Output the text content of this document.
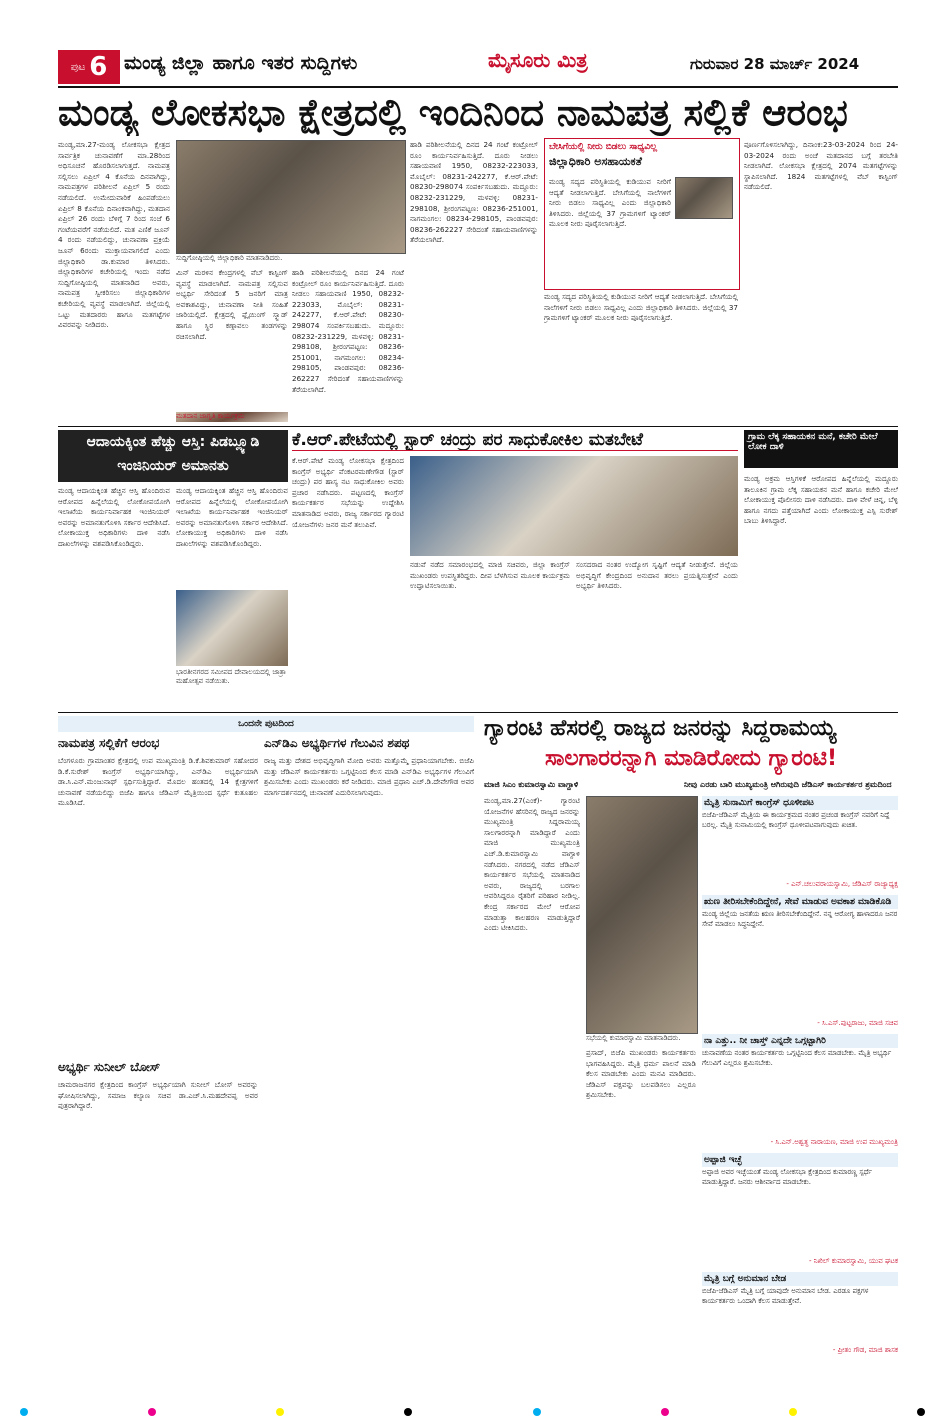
ಪುಟ 6 ಮಂಡ್ಯ ಜಿಲ್ಲಾ ಹಾಗೂ ಇತರ ಸುದ್ದಿಗಳು	ಮೈಸೂರು ಮಿತ್ರ	ಗುರುವಾರ 28 ಮಾರ್ಚ್ 2024
ಮಂಡ್ಯ ಲೋಕಸಭಾ ಕ್ಷೇತ್ರದಲ್ಲಿ ಇಂದಿನಿಂದ ನಾಮಪತ್ರ ಸಲ್ಲಿಕೆ ಆರಂಭ
ಮಂಡ್ಯ,ಮಾ.27-ಮಂಡ್ಯ ಲೋಕಸಭಾ ಕ್ಷೇತ್ರದ ಸಾರ್ವತ್ರಿಕ ಚುನಾವಣೆಗೆ ಮಾ.28ರಿಂದ ಅಧಿಸೂಚನೆ ಹೊರಡಿಸಲಾಗುತ್ತದೆ. ನಾಮಪತ್ರ ಸಲ್ಲಿಸಲು ಏಪ್ರಿಲ್ 4 ಕೊನೆಯ ದಿನವಾಗಿದ್ದು, ನಾಮಪತ್ರಗಳ ಪರಿಶೀಲನೆ ಏಪ್ರಿಲ್ 5 ರಂದು ನಡೆಯಲಿದೆ. ಉಮೇದುವಾರಿಕೆ ಹಿಂಪಡೆಯಲು ಏಪ್ರಿಲ್ 8 ಕೊನೆಯ ದಿನಾಂಕವಾಗಿದ್ದು, ಮತದಾನ ಏಪ್ರಿಲ್ 26 ರಂದು ಬೆಳಿಗ್ಗೆ 7 ರಿಂದ ಸಂಜೆ 6 ಗಂಟೆಯವರೆಗೆ ನಡೆಯಲಿದೆ. ಮತ ಎಣಿಕೆ ಜೂನ್ 4 ರಂದು ನಡೆಯಲಿದ್ದು, ಚುನಾವಣಾ ಪ್ರಕ್ರಿಯೆ ಜೂನ್ 6ರಂದು ಮುಕ್ತಾಯವಾಗಲಿದೆ ಎಂದು ಜಿಲ್ಲಾಧಿಕಾರಿ ಡಾ.ಕುಮಾರ ತಿಳಿಸಿದರು. ಜಿಲ್ಲಾಧಿಕಾರಿಗಳ ಕಚೇರಿಯಲ್ಲಿ ಇಂದು ನಡೆದ ಸುದ್ದಿಗೋಷ್ಠಿಯಲ್ಲಿ ಮಾತನಾಡಿದ ಅವರು, ನಾಮಪತ್ರ ಸ್ವೀಕರಿಸಲು ಜಿಲ್ಲಾಧಿಕಾರಿಗಳ ಕಚೇರಿಯಲ್ಲಿ ವ್ಯವಸ್ಥೆ ಮಾಡಲಾಗಿದೆ. ಜಿಲ್ಲೆಯಲ್ಲಿ ಒಟ್ಟು ಮತದಾರರು ಹಾಗೂ ಮತಗಟ್ಟೆಗಳ ವಿವರವನ್ನು ನೀಡಿದರು.
ಸುದ್ದಿಗೋಷ್ಠಿಯಲ್ಲಿ ಜಿಲ್ಲಾಧಿಕಾರಿ ಮಾತನಾಡಿದರು.
ಮಿನ್ ಮರಳಿನ ಕೇಂದ್ರಗಳಲ್ಲಿ ವೆಬ್ ಕಾಸ್ಟಿಂಗ್ ವ್ಯವಸ್ಥೆ ಮಾಡಲಾಗಿದೆ. ನಾಮಪತ್ರ ಸಲ್ಲಿಸುವ ಅಭ್ಯರ್ಥಿ ಸೇರಿದಂತೆ 5 ಜನರಿಗೆ ಮಾತ್ರ ಅವಕಾಶವಿದ್ದು, ಚುನಾವಣಾ ನೀತಿ ಸಂಹಿತೆ ಜಾರಿಯಲ್ಲಿದೆ. ಕ್ಷೇತ್ರದಲ್ಲಿ ಫ್ಲೈಯಿಂಗ್ ಸ್ಕ್ವಾಡ್ ಹಾಗೂ ಸ್ಥಿರ ಕಣ್ಗಾವಲು ತಂಡಗಳನ್ನು ರಚಿಸಲಾಗಿದೆ.
ಮತದಾನ ಜಾಗೃತಿ ಕಾರ್ಯಕ್ರಮ
ಹಾಡಿ ಪರಿಶೀಲನೆಯಲ್ಲಿ ದಿನದ 24 ಗಂಟೆ ಕಂಟ್ರೋಲ್ ರೂಂ ಕಾರ್ಯನಿರ್ವಹಿಸುತ್ತಿದೆ. ದೂರು ನೀಡಲು ಸಹಾಯವಾಣಿ 1950, 08232-223033, ಮೊಬೈಲ್: 08231-242277, ಕೆ.ಆರ್.ಪೇಟೆ: 08230-298074 ಸಂಪರ್ಕಿಸಬಹುದು. ಮದ್ದೂರು: 08232-231229, ಮಳವಳ್ಳಿ: 08231-298108, ಶ್ರೀರಂಗಪಟ್ಟಣ: 08236-251001, ನಾಗಮಂಗಲ: 08234-298105, ಪಾಂಡವಪುರ: 08236-262227 ಸೇರಿದಂತೆ ಸಹಾಯವಾಣಿಗಳನ್ನು ತೆರೆಯಲಾಗಿದೆ.
ಹಾಡಿ ಪರಿಶೀಲನೆಯಲ್ಲಿ ದಿನದ 24 ಗಂಟೆ ಕಂಟ್ರೋಲ್ ರೂಂ ಕಾರ್ಯನಿರ್ವಹಿಸುತ್ತಿದೆ. ದೂರು ನೀಡಲು ಸಹಾಯವಾಣಿ 1950, 08232-223033, ಮೊಬೈಲ್: 08231-242277, ಕೆ.ಆರ್.ಪೇಟೆ: 08230-298074 ಸಂಪರ್ಕಿಸಬಹುದು. ಮದ್ದೂರು: 08232-231229, ಮಳವಳ್ಳಿ: 08231-298108, ಶ್ರೀರಂಗಪಟ್ಟಣ: 08236-251001, ನಾಗಮಂಗಲ: 08234-298105, ಪಾಂಡವಪುರ: 08236-262227 ಸೇರಿದಂತೆ ಸಹಾಯವಾಣಿಗಳನ್ನು ತೆರೆಯಲಾಗಿದೆ.
ಬೇಸಿಗೆಯಲ್ಲಿ ನೀರು ಬಿಡಲು ಸಾಧ್ಯವಿಲ್ಲ
ಜಿಲ್ಲಾಧಿಕಾರಿ ಅಸಹಾಯಕತೆ
ಮಂಡ್ಯ ಸದ್ಯದ ಪರಿಸ್ಥಿತಿಯಲ್ಲಿ ಕುಡಿಯುವ ನೀರಿಗೆ ಆದ್ಯತೆ ನೀಡಲಾಗುತ್ತಿದೆ. ಬೇಸಿಗೆಯಲ್ಲಿ ನಾಲೆಗಳಿಗೆ ನೀರು ಬಿಡಲು ಸಾಧ್ಯವಿಲ್ಲ ಎಂದು ಜಿಲ್ಲಾಧಿಕಾರಿ ತಿಳಿಸಿದರು. ಜಿಲ್ಲೆಯಲ್ಲಿ 37 ಗ್ರಾಮಗಳಿಗೆ ಟ್ಯಾಂಕರ್ ಮೂಲಕ ನೀರು ಪೂರೈಸಲಾಗುತ್ತಿದೆ.
ಮಂಡ್ಯ ಸದ್ಯದ ಪರಿಸ್ಥಿತಿಯಲ್ಲಿ ಕುಡಿಯುವ ನೀರಿಗೆ ಆದ್ಯತೆ ನೀಡಲಾಗುತ್ತಿದೆ. ಬೇಸಿಗೆಯಲ್ಲಿ ನಾಲೆಗಳಿಗೆ ನೀರು ಬಿಡಲು ಸಾಧ್ಯವಿಲ್ಲ ಎಂದು ಜಿಲ್ಲಾಧಿಕಾರಿ ತಿಳಿಸಿದರು. ಜಿಲ್ಲೆಯಲ್ಲಿ 37 ಗ್ರಾಮಗಳಿಗೆ ಟ್ಯಾಂಕರ್ ಮೂಲಕ ನೀರು ಪೂರೈಸಲಾಗುತ್ತಿದೆ.
ಪೂರ್ಣಗೊಳಿಸಲಾಗಿದ್ದು, ದಿನಾಂಕ:23-03-2024 ರಿಂದ 24-03-2024 ರಂದು ಅಂಚೆ ಮತದಾನದ ಬಗ್ಗೆ ತರಬೇತಿ ನೀಡಲಾಗಿದೆ. ಲೋಕಸಭಾ ಕ್ಷೇತ್ರದಲ್ಲಿ 2074 ಮತಗಟ್ಟೆಗಳನ್ನು ಸ್ಥಾಪಿಸಲಾಗಿದೆ. 1824 ಮತಗಟ್ಟೆಗಳಲ್ಲಿ ವೆಬ್ ಕಾಸ್ಟಿಂಗ್ ನಡೆಯಲಿದೆ.
ಆದಾಯಕ್ಕಿಂತ ಹೆಚ್ಚು ಆಸ್ತಿ: ಪಿಡಬ್ಲ್ಯೂಡಿ ಇಂಜಿನಿಯರ್ ಅಮಾನತು
ಮಂಡ್ಯ ಆದಾಯಕ್ಕಿಂತ ಹೆಚ್ಚಿನ ಆಸ್ತಿ ಹೊಂದಿರುವ ಆರೋಪದ ಹಿನ್ನೆಲೆಯಲ್ಲಿ ಲೋಕೋಪಯೋಗಿ ಇಲಾಖೆಯ ಕಾರ್ಯನಿರ್ವಾಹಕ ಇಂಜಿನಿಯರ್ ಅವರನ್ನು ಅಮಾನತುಗೊಳಿಸಿ ಸರ್ಕಾರ ಆದೇಶಿಸಿದೆ. ಲೋಕಾಯುಕ್ತ ಅಧಿಕಾರಿಗಳು ದಾಳಿ ನಡೆಸಿ ದಾಖಲೆಗಳನ್ನು ವಶಪಡಿಸಿಕೊಂಡಿದ್ದರು.
ಮಂಡ್ಯ ಆದಾಯಕ್ಕಿಂತ ಹೆಚ್ಚಿನ ಆಸ್ತಿ ಹೊಂದಿರುವ ಆರೋಪದ ಹಿನ್ನೆಲೆಯಲ್ಲಿ ಲೋಕೋಪಯೋಗಿ ಇಲಾಖೆಯ ಕಾರ್ಯನಿರ್ವಾಹಕ ಇಂಜಿನಿಯರ್ ಅವರನ್ನು ಅಮಾನತುಗೊಳಿಸಿ ಸರ್ಕಾರ ಆದೇಶಿಸಿದೆ. ಲೋಕಾಯುಕ್ತ ಅಧಿಕಾರಿಗಳು ದಾಳಿ ನಡೆಸಿ ದಾಖಲೆಗಳನ್ನು ವಶಪಡಿಸಿಕೊಂಡಿದ್ದರು.
ಭಾರತೀನಗರದ ಸಮೀಪದ ದೇವಾಲಯದಲ್ಲಿ ಜಾತ್ರಾ ಮಹೋತ್ಸವ ನಡೆಯಿತು.
ಕೆ.ಆರ್.ಪೇಟೆಯಲ್ಲಿ ಸ್ಟಾರ್ ಚಂದ್ರು ಪರ ಸಾಧುಕೋಕಿಲ ಮತಬೇಟೆ
ಕೆ.ಆರ್.ಪೇಟೆ ಮಂಡ್ಯ ಲೋಕಸಭಾ ಕ್ಷೇತ್ರದಿಂದ ಕಾಂಗ್ರೆಸ್ ಅಭ್ಯರ್ಥಿ ವೆಂಕಟರಮಣೇಗೌಡ (ಸ್ಟಾರ್ ಚಂದ್ರು) ಪರ ಹಾಸ್ಯ ನಟ ಸಾಧುಕೋಕಿಲ ಅವರು ಪ್ರಚಾರ ನಡೆಸಿದರು. ಪಟ್ಟಣದಲ್ಲಿ ಕಾಂಗ್ರೆಸ್ ಕಾರ್ಯಕರ್ತರ ಸಭೆಯನ್ನು ಉದ್ದೇಶಿಸಿ ಮಾತನಾಡಿದ ಅವರು, ರಾಜ್ಯ ಸರ್ಕಾರದ ಗ್ಯಾರಂಟಿ ಯೋಜನೆಗಳು ಜನರ ಮನೆ ತಲುಪಿವೆ.
ನಡುವೆ ನಡೆದ ಸಮಾರಂಭದಲ್ಲಿ ಮಾಜಿ ಸಚಿವರು, ಜಿಲ್ಲಾ ಕಾಂಗ್ರೆಸ್ ಮುಖಂಡರು ಉಪಸ್ಥಿತರಿದ್ದರು. ದೀಪ ಬೆಳಗಿಸುವ ಮೂಲಕ ಕಾರ್ಯಕ್ರಮ ಉದ್ಘಾಟಿಸಲಾಯಿತು.
ಸಂಸದರಾದ ನಂತರ ಉದ್ಯೋಗ ಸೃಷ್ಟಿಗೆ ಆದ್ಯತೆ ನೀಡುತ್ತೇನೆ. ಜಿಲ್ಲೆಯ ಅಭಿವೃದ್ಧಿಗೆ ಕೇಂದ್ರದಿಂದ ಅನುದಾನ ತರಲು ಪ್ರಯತ್ನಿಸುತ್ತೇನೆ ಎಂದು ಅಭ್ಯರ್ಥಿ ತಿಳಿಸಿದರು.
ಗ್ರಾಮ ಲೆಕ್ಕ ಸಹಾಯಕನ ಮನೆ, ಕಚೇರಿ ಮೇಲೆ ಲೋಕ ದಾಳಿ
ಮಂಡ್ಯ ಅಕ್ರಮ ಆಸ್ತಿಗಳಿಕೆ ಆರೋಪದ ಹಿನ್ನೆಲೆಯಲ್ಲಿ ಮದ್ದೂರು ತಾಲೂಕಿನ ಗ್ರಾಮ ಲೆಕ್ಕ ಸಹಾಯಕನ ಮನೆ ಹಾಗೂ ಕಚೇರಿ ಮೇಲೆ ಲೋಕಾಯುಕ್ತ ಪೊಲೀಸರು ದಾಳಿ ನಡೆಸಿದರು. ದಾಳಿ ವೇಳೆ ಚಿನ್ನ, ಬೆಳ್ಳಿ ಹಾಗೂ ನಗದು ಪತ್ತೆಯಾಗಿದೆ ಎಂದು ಲೋಕಾಯುಕ್ತ ಎಸ್ಪಿ ಸುರೇಶ್ ಬಾಬು ತಿಳಿಸಿದ್ದಾರೆ.
ಒಂದನೇ ಪುಟದಿಂದ
ನಾಮಪತ್ರ ಸಲ್ಲಿಕೆಗೆ ಆರಂಭ
ಬೆಂಗಳೂರು ಗ್ರಾಮಾಂತರ ಕ್ಷೇತ್ರದಲ್ಲಿ ಉಪ ಮುಖ್ಯಮಂತ್ರಿ ಡಿ.ಕೆ.ಶಿವಕುಮಾರ್ ಸಹೋದರ ಡಿ.ಕೆ.ಸುರೇಶ್ ಕಾಂಗ್ರೆಸ್ ಅಭ್ಯರ್ಥಿಯಾಗಿದ್ದು, ಎನ್‌ಡಿಎ ಅಭ್ಯರ್ಥಿಯಾಗಿ ಡಾ.ಸಿ.ಎನ್.ಮಂಜುನಾಥ್ ಸ್ಪರ್ಧಿಸುತ್ತಿದ್ದಾರೆ. ಮೊದಲ ಹಂತದಲ್ಲಿ 14 ಕ್ಷೇತ್ರಗಳಿಗೆ ಚುನಾವಣೆ ನಡೆಯಲಿದ್ದು ಬಿಜೆಪಿ ಹಾಗೂ ಜೆಡಿಎಸ್ ಮೈತ್ರಿಯಿಂದ ಸ್ಪರ್ಧೆ ಕುತೂಹಲ ಮೂಡಿಸಿದೆ.
ಅಭ್ಯರ್ಥಿ ಸುನೀಲ್ ಬೋಸ್
ಚಾಮರಾಜನಗರ ಕ್ಷೇತ್ರದಿಂದ ಕಾಂಗ್ರೆಸ್ ಅಭ್ಯರ್ಥಿಯಾಗಿ ಸುನೀಲ್ ಬೋಸ್ ಅವರನ್ನು ಘೋಷಿಸಲಾಗಿದ್ದು, ಸಮಾಜ ಕಲ್ಯಾಣ ಸಚಿವ ಡಾ.ಎಚ್.ಸಿ.ಮಹದೇವಪ್ಪ ಅವರ ಪುತ್ರರಾಗಿದ್ದಾರೆ.
ಎನ್‌ಡಿಎ ಅಭ್ಯರ್ಥಿಗಳ ಗೆಲುವಿನ ಶಪಥ
ರಾಜ್ಯ ಮತ್ತು ದೇಶದ ಅಭಿವೃದ್ಧಿಗಾಗಿ ಮೋದಿ ಅವರು ಮತ್ತೊಮ್ಮೆ ಪ್ರಧಾನಿಯಾಗಬೇಕು. ಬಿಜೆಪಿ ಮತ್ತು ಜೆಡಿಎಸ್ ಕಾರ್ಯಕರ್ತರು ಒಗ್ಗಟ್ಟಿನಿಂದ ಕೆಲಸ ಮಾಡಿ ಎನ್‌ಡಿಎ ಅಭ್ಯರ್ಥಿಗಳ ಗೆಲುವಿಗೆ ಶ್ರಮಿಸಬೇಕು ಎಂದು ಮುಖಂಡರು ಕರೆ ನೀಡಿದರು. ಮಾಜಿ ಪ್ರಧಾನಿ ಎಚ್.ಡಿ.ದೇವೇಗೌಡ ಅವರ ಮಾರ್ಗದರ್ಶನದಲ್ಲಿ ಚುನಾವಣೆ ಎದುರಿಸಲಾಗುವುದು.
ಗ್ಯಾರಂಟಿ ಹೆಸರಲ್ಲಿ ರಾಜ್ಯದ ಜನರನ್ನು ಸಿದ್ದರಾಮಯ್ಯ
ಸಾಲಗಾರರನ್ನಾಗಿ ಮಾಡಿರೋದು ಗ್ಯಾರಂಟಿ!
ಮಾಜಿ ಸಿಎಂ ಕುಮಾರಸ್ವಾಮಿ ವಾಗ್ದಾಳಿ	ನೀವು ಎರಡು ಬಾರಿ ಮುಖ್ಯಮಂತ್ರಿ ಆಗಿರುವುದಿ ಜೆಡಿಎಸ್ ಕಾರ್ಯಕರ್ತರ ಶ್ರಮದಿಂದ
ಮಂಡ್ಯ,ಮಾ.27(ಎಂಕೆ)- ಗ್ಯಾರಂಟಿ ಯೋಜನೆಗಳ ಹೆಸರಿನಲ್ಲಿ ರಾಜ್ಯದ ಜನರನ್ನು ಮುಖ್ಯಮಂತ್ರಿ ಸಿದ್ದರಾಮಯ್ಯ ಸಾಲಗಾರರನ್ನಾಗಿ ಮಾಡಿದ್ದಾರೆ ಎಂದು ಮಾಜಿ ಮುಖ್ಯಮಂತ್ರಿ ಎಚ್.ಡಿ.ಕುಮಾರಸ್ವಾಮಿ ವಾಗ್ದಾಳಿ ನಡೆಸಿದರು. ನಗರದಲ್ಲಿ ನಡೆದ ಜೆಡಿಎಸ್ ಕಾರ್ಯಕರ್ತರ ಸಭೆಯಲ್ಲಿ ಮಾತನಾಡಿದ ಅವರು, ರಾಜ್ಯದಲ್ಲಿ ಬರಗಾಲ ಆವರಿಸಿದ್ದರೂ ರೈತರಿಗೆ ಪರಿಹಾರ ನೀಡಿಲ್ಲ. ಕೇಂದ್ರ ಸರ್ಕಾರದ ಮೇಲೆ ಆರೋಪ ಮಾಡುತ್ತಾ ಕಾಲಹರಣ ಮಾಡುತ್ತಿದ್ದಾರೆ ಎಂದು ಟೀಕಿಸಿದರು.
ಸಭೆಯಲ್ಲಿ ಕುಮಾರಸ್ವಾಮಿ ಮಾತನಾಡಿದರು.
ಪ್ರಸಾದ್, ಬಿಜೆಪಿ ಮುಖಂಡರು ಕಾರ್ಯಕರ್ತರು ಭಾಗವಹಿಸಿದ್ದರು. ಮೈತ್ರಿ ಧರ್ಮ ಪಾಲನೆ ಮಾಡಿ ಕೆಲಸ ಮಾಡಬೇಕು ಎಂದು ಮನವಿ ಮಾಡಿದರು. ಜೆಡಿಎಸ್ ಪಕ್ಷವನ್ನು ಬಲಪಡಿಸಲು ಎಲ್ಲರೂ ಶ್ರಮಿಸಬೇಕು.
ಮೈತ್ರಿ ಸುನಾಮಿಗೆ ಕಾಂಗ್ರೆಸ್ ಧೂಳೀಪಟ
ಬಿಜೆಪಿ-ಜೆಡಿಎಸ್ ಮೈತ್ರಿಯ ಈ ಕಾರ್ಯಕ್ರಮದ ನಂತರ ಪ್ರಚಂಡ ಕಾಂಗ್ರೆಸ್ ನವರಿಗೆ ನಿದ್ದೆ ಬರಲ್ಲ. ಮೈತ್ರಿ ಸುನಾಮಿಯಲ್ಲಿ ಕಾಂಗ್ರೆಸ್ ಧೂಳೀಪಟವಾಗುವುದು ಖಚಿತ.
- ಎನ್.ಚಲುವರಾಯಸ್ವಾಮಿ, ಜೆಡಿಎಸ್ ರಾಜ್ಯಾಧ್ಯಕ್ಷ
ಋಣ ತೀರಿಸಬೇಕೆಂದಿದ್ದೇನೆ, ಸೇವೆ ಮಾಡುವ ಅವಕಾಶ ಮಾಡಿಕೊಡಿ
ಮಂಡ್ಯ ಜಿಲ್ಲೆಯ ಜನತೆಯ ಋಣ ತೀರಿಸಬೇಕೆಂದಿದ್ದೇನೆ. ನನ್ನ ಆರೋಗ್ಯ ಹಾಳಾದರೂ ಜನರ ಸೇವೆ ಮಾಡಲು ಸಿದ್ಧನಿದ್ದೇನೆ.
- ಸಿ.ಎಸ್.ಪುಟ್ಟರಾಜು, ಮಾಜಿ ಸಚಿವ
ನಾ ಎತ್ತು.. ನೀ ಚಾಸ್ತ್ ಎನ್ನದೇ ಒಗ್ಗಟ್ಟಾಗಿರಿ
ಚುನಾವಣೆಯ ನಂತರ ಕಾರ್ಯಕರ್ತರು ಒಗ್ಗಟ್ಟಿನಿಂದ ಕೆಲಸ ಮಾಡಬೇಕು. ಮೈತ್ರಿ ಅಭ್ಯರ್ಥಿ ಗೆಲುವಿಗೆ ಎಲ್ಲರೂ ಶ್ರಮಿಸಬೇಕು.
- ಸಿ.ಎನ್.ಅಶ್ವತ್ಥ ನಾರಾಯಣ, ಮಾಜಿ ಉಪ ಮುಖ್ಯಮಂತ್ರಿ
ಅಪ್ಪಾಜಿ ಇಚ್ಛೆ
ಅಪ್ಪಾಜಿ ಅವರ ಇಚ್ಛೆಯಂತೆ ಮಂಡ್ಯ ಲೋಕಸಭಾ ಕ್ಷೇತ್ರದಿಂದ ಕುಮಾರಣ್ಣ ಸ್ಪರ್ಧೆ ಮಾಡುತ್ತಿದ್ದಾರೆ. ಜನರು ಆಶೀರ್ವಾದ ಮಾಡಬೇಕು.
- ನಿಖಿಲ್ ಕುಮಾರಸ್ವಾಮಿ, ಯುವ ಘಟಕ
ಮೈತ್ರಿ ಬಗ್ಗೆ ಅನುಮಾನ ಬೇಡ
ಬಿಜೆಪಿ-ಜೆಡಿಎಸ್ ಮೈತ್ರಿ ಬಗ್ಗೆ ಯಾವುದೇ ಅನುಮಾನ ಬೇಡ. ಎರಡೂ ಪಕ್ಷಗಳ ಕಾರ್ಯಕರ್ತರು ಒಂದಾಗಿ ಕೆಲಸ ಮಾಡುತ್ತೇವೆ.
- ಪ್ರೀತಂ ಗೌಡ, ಮಾಜಿ ಶಾಸಕ
